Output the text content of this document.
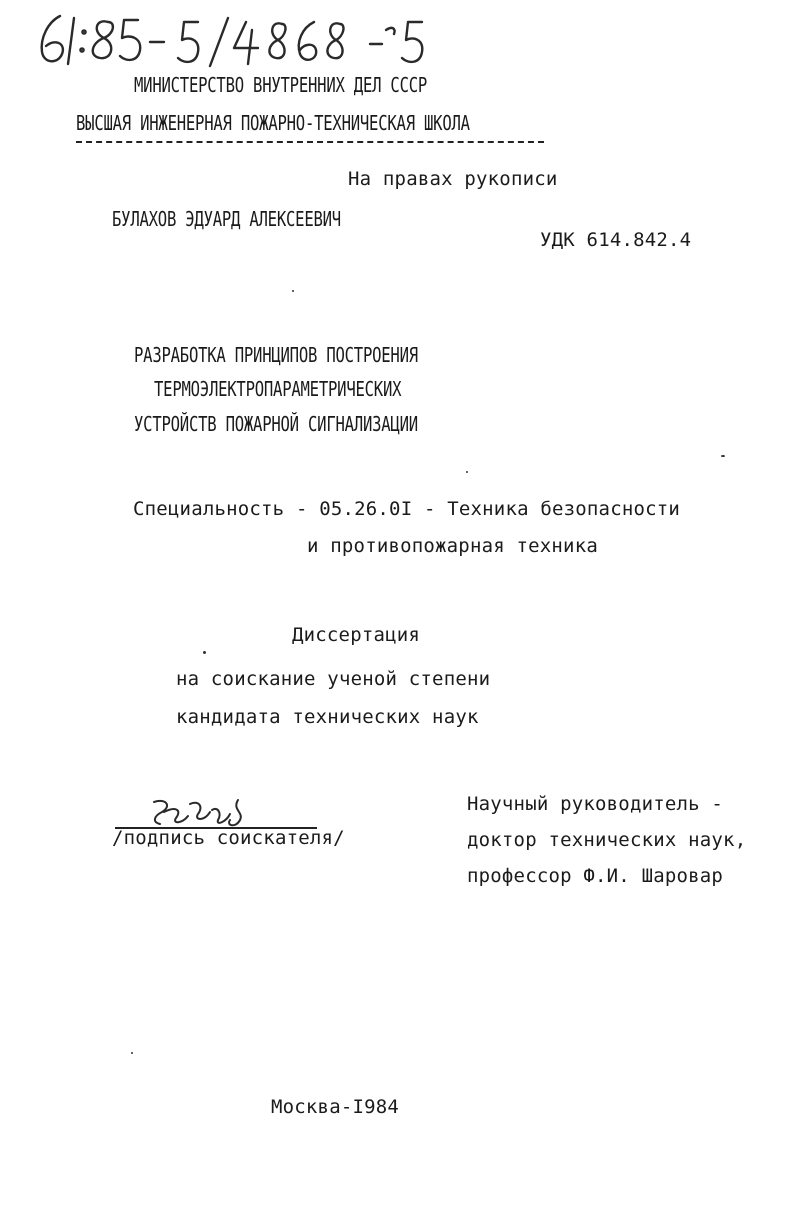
МИНИСТЕРСТВО ВНУТРЕННИХ ДЕЛ СССР
ВЫСШАЯ ИНЖЕНЕРНАЯ ПОЖАРНО-ТЕХНИЧЕСКАЯ ШКОЛА
На правах рукописи
БУЛАХОВ ЭДУАРД АЛЕКСЕЕВИЧ
УДК 614.842.4
РАЗРАБОТКА ПРИНЦИПОВ ПОСТРОЕНИЯ
ТЕРМОЭЛЕКТРОПАРАМЕТРИЧЕСКИХ
УСТРОЙСТВ ПОЖАРНОЙ СИГНАЛИЗАЦИИ
Специальность - 05.26.0I - Техника безопасности
и противопожарная техника
Диссертация
на соискание ученой степени
кандидата технических наук
/подпись соискателя/
Научный руководитель -
доктор технических наук,
профессор Ф.И. Шаровар
Москва-I984
